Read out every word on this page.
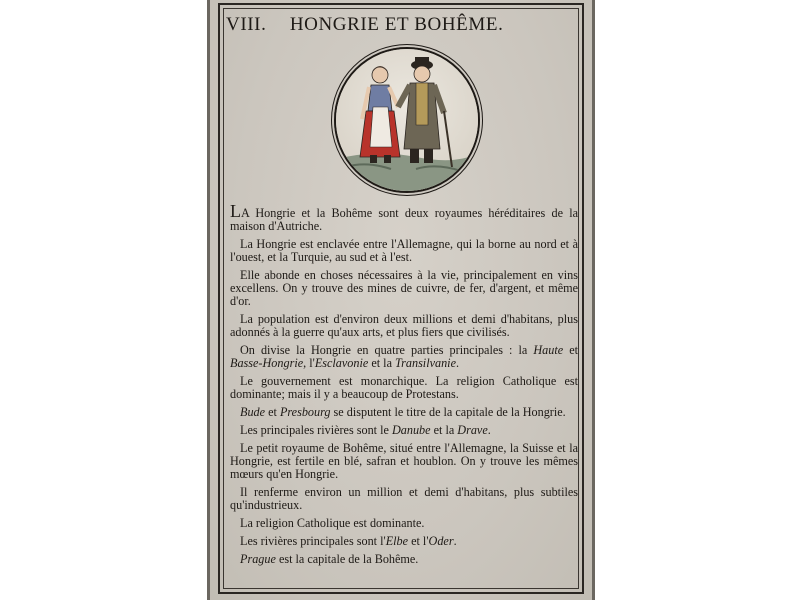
VIII. HONGRIE ET BOHÊME.

LA Hongrie et la Bohême sont deux royaumes héréditaires de la maison d'Autriche.

La Hongrie est enclavée entre l'Allemagne, qui la borne au nord et à l'ouest, et la Turquie, au sud et à l'est.

Elle abonde en choses nécessaires à la vie, principalement en vins excellens. On y trouve des mines de cuivre, de fer, d'argent, et même d'or.

La population est d'environ deux millions et demi d'habitans, plus adonnés à la guerre qu'aux arts, et plus fiers que civilisés.

On divise la Hongrie en quatre parties principales : la Haute et Basse-Hongrie, l'Esclavonie et la Transilvanie.

Le gouvernement est monarchique. La religion Catholique est dominante; mais il y a beaucoup de Protestans.

Bude et Presbourg se disputent le titre de la capitale de la Hongrie.

Les principales rivières sont le Danube et la Drave.

Le petit royaume de Bohême, situé entre l'Allemagne, la Suisse et la Hongrie, est fertile en blé, safran et houblon. On y trouve les mêmes mœurs qu'en Hongrie.

Il renferme environ un million et demi d'habitans, plus subtiles qu'industrieux.

La religion Catholique est dominante.

Les rivières principales sont l'Elbe et l'Oder.

Prague est la capitale de la Bohême.
